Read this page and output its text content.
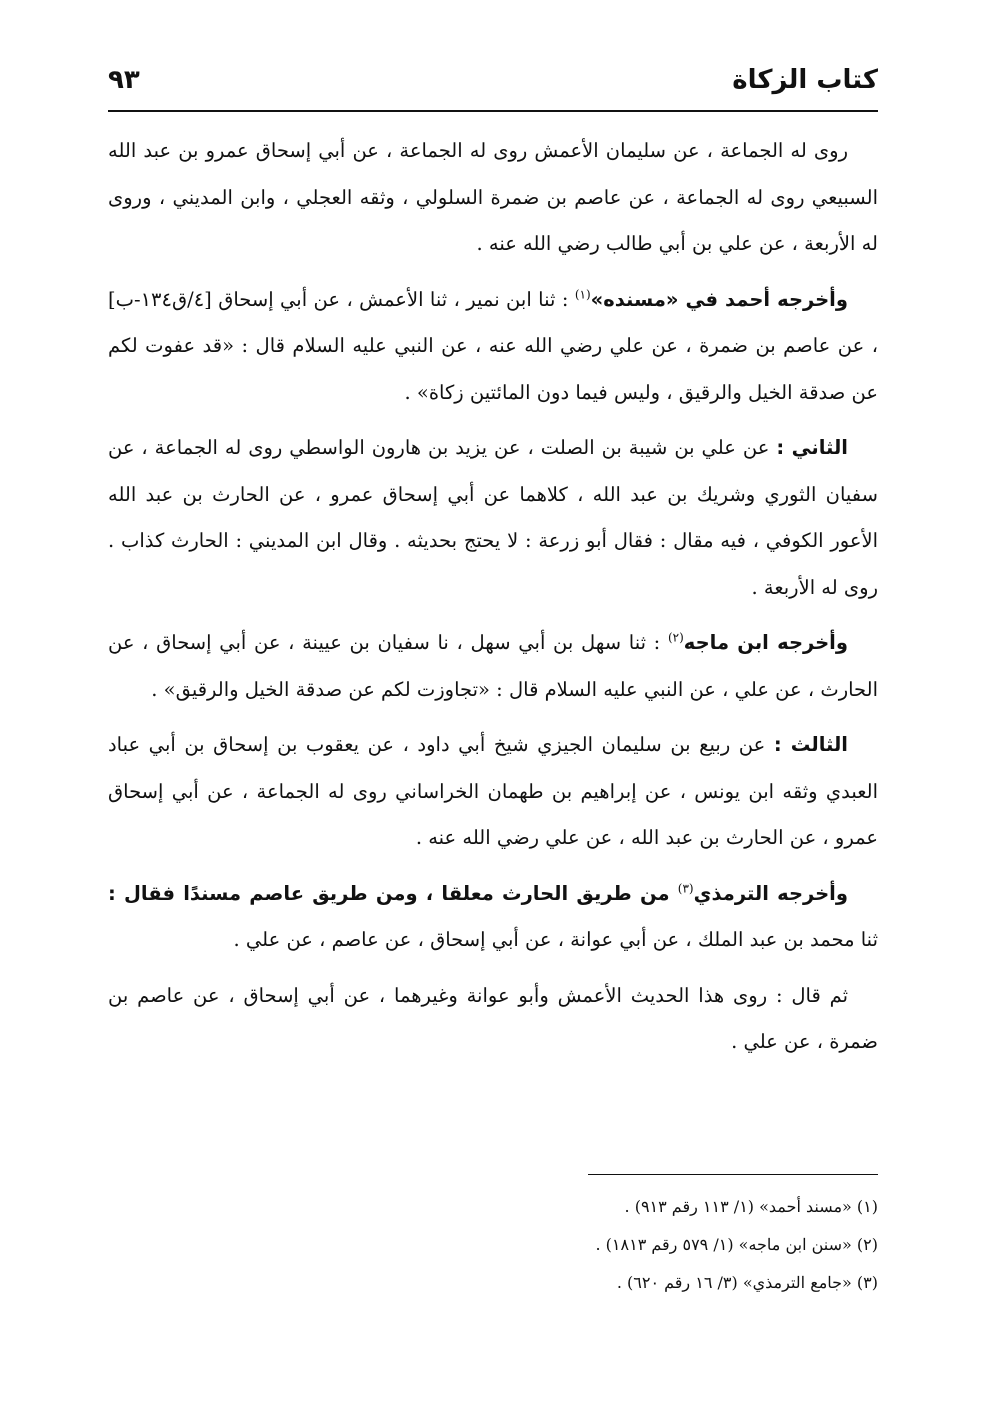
كتاب الزكاة
٩٣

روى له الجماعة ، عن سليمان الأعمش روى له الجماعة ، عن أبي إسحاق عمرو بن عبد الله السبيعي روى له الجماعة ، عن عاصم بن ضمرة السلولي ، وثقه العجلي ، وابن المديني ، وروى له الأربعة ، عن علي بن أبي طالب رضي الله عنه .

وأخرجه أحمد في «مسنده»$^{(١)}$ : ثنا ابن نمير ، ثنا الأعمش ، عن أبي إسحاق [٤/ق١٣٤-ب] ، عن عاصم بن ضمرة ، عن علي رضي الله عنه ، عن النبي عليه السلام قال : «قد عفوت لكم عن صدقة الخيل والرقيق ، وليس فيما دون المائتين زكاة» .

الثاني : عن علي بن شيبة بن الصلت ، عن يزيد بن هارون الواسطي روى له الجماعة ، عن سفيان الثوري وشريك بن عبد الله ، كلاهما عن أبي إسحاق عمرو ، عن الحارث بن عبد الله الأعور الكوفي ، فيه مقال : فقال أبو زرعة : لا يحتج بحديثه . وقال ابن المديني : الحارث كذاب . روى له الأربعة .

وأخرجه ابن ماجه$^{(٢)}$ : ثنا سهل بن أبي سهل ، نا سفيان بن عيينة ، عن أبي إسحاق ، عن الحارث ، عن علي ، عن النبي عليه السلام قال : «تجاوزت لكم عن صدقة الخيل والرقيق» .

الثالث : عن ربيع بن سليمان الجيزي شيخ أبي داود ، عن يعقوب بن إسحاق بن أبي عباد العبدي وثقه ابن يونس ، عن إبراهيم بن طهمان الخراساني روى له الجماعة ، عن أبي إسحاق عمرو ، عن الحارث بن عبد الله ، عن علي رضي الله عنه .

وأخرجه الترمذي$^{(٣)}$ من طريق الحارث معلقا ، ومن طريق عاصم مسندًا فقال : ثنا محمد بن عبد الملك ، عن أبي عوانة ، عن أبي إسحاق ، عن عاصم ، عن علي .

ثم قال : روى هذا الحديث الأعمش وأبو عوانة وغيرهما ، عن أبي إسحاق ، عن عاصم بن ضمرة ، عن علي .

(١) «مسند أحمد» (١/ ١١٣ رقم ٩١٣) .
(٢) «سنن ابن ماجه» (١/ ٥٧٩ رقم ١٨١٣) .
(٣) «جامع الترمذي» (٣/ ١٦ رقم ٦٢٠) .
